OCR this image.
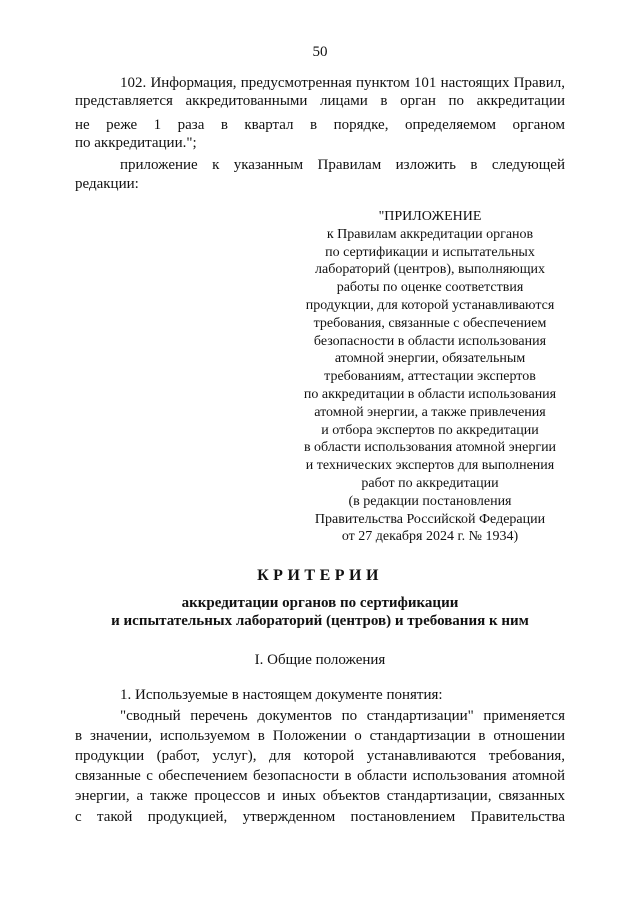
50
102. Информация, предусмотренная пунктом 101 настоящих Правил,
представляется аккредитованными лицами в орган по аккредитации
не реже 1 раза в квартал в порядке, определяемом органом
по аккредитации.";
приложение к указанным Правилам изложить в следующей
редакции:
"ПРИЛОЖЕНИЕ
к Правилам аккредитации органов
по сертификации и испытательных
лабораторий (центров), выполняющих
работы по оценке соответствия
продукции, для которой устанавливаются
требования, связанные с обеспечением
безопасности в области использования
атомной энергии, обязательным
требованиям, аттестации экспертов
по аккредитации в области использования
атомной энергии, а также привлечения
и отбора экспертов по аккредитации
в области использования атомной энергии
и технических экспертов для выполнения
работ по аккредитации
(в редакции постановления
Правительства Российской Федерации
от 27 декабря 2024 г. № 1934)
КРИТЕРИИ
аккредитации органов по сертификации
и испытательных лабораторий (центров) и требования к ним
I. Общие положения
1. Используемые в настоящем документе понятия:
"сводный перечень документов по стандартизации" применяется
в значении, используемом в Положении о стандартизации в отношении
продукции (работ, услуг), для которой устанавливаются требования,
связанные с обеспечением безопасности в области использования атомной
энергии, а также процессов и иных объектов стандартизации, связанных
с такой продукцией, утвержденном постановлением Правительства
